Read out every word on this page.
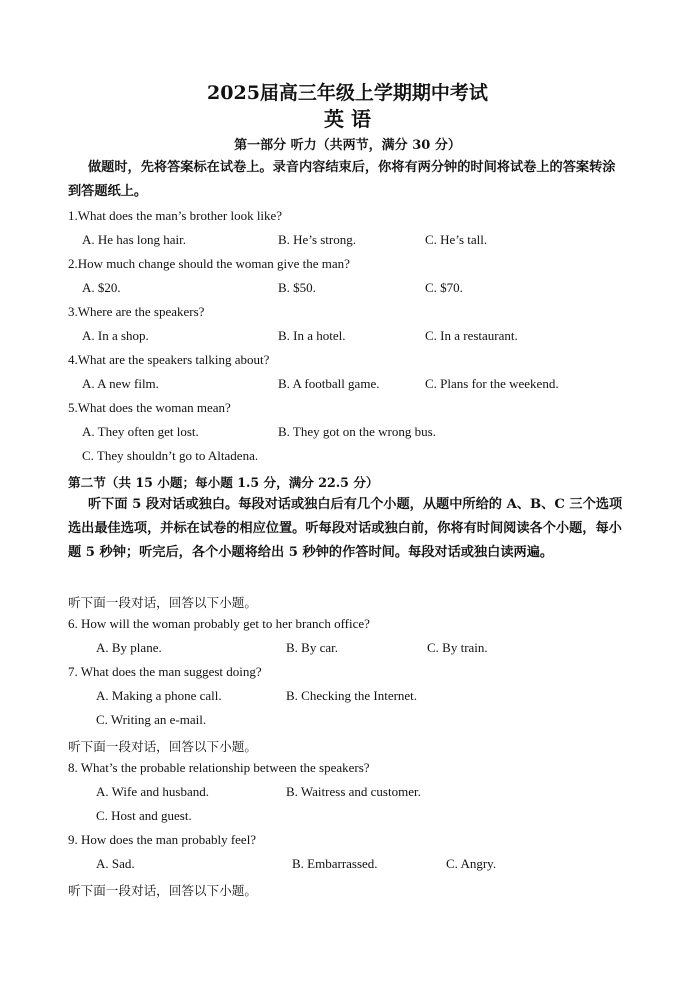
2025届高三年级上学期期中考试
英 语
第一部分 听力（共两节，满分 30 分）
做题时，先将答案标在试卷上。录音内容结束后，你将有两分钟的时间将试卷上的答案转涂到答题纸上。
1.What does the man’s brother look like?
A. He has long hair.	B. He’s strong.	C. He’s tall.
2.How much change should the woman give the man?
A. $20.	B. $50.	C. $70.
3.Where are the speakers?
A. In a shop.	B. In a hotel.	C. In a restaurant.
4.What are the speakers talking about?
A. A new film.	B. A football game.	C. Plans for the weekend.
5.What does the woman mean?
A. They often get lost.	B. They got on the wrong bus.
C. They shouldn’t go to Altadena.
第二节（共 15 小题；每小题 1.5 分，满分 22.5 分）
听下面 5 段对话或独白。每段对话或独白后有几个小题，从题中所给的 A、B、C 三个选项选出最佳选项，并标在试卷的相应位置。听每段对话或独白前，你将有时间阅读各个小题，每小题 5 秒钟；听完后，各个小题将给出 5 秒钟的作答时间。每段对话或独白读两遍。
听下面一段对话，回答以下小题。
6. How will the woman probably get to her branch office?
A. By plane.	B. By car.	C. By train.
7. What does the man suggest doing?
A. Making a phone call.	B. Checking the Internet.
C. Writing an e-mail.
听下面一段对话，回答以下小题。
8. What’s the probable relationship between the speakers?
A. Wife and husband.	B. Waitress and customer.
C. Host and guest.
9. How does the man probably feel?
A. Sad.	B. Embarrassed.	C. Angry.
听下面一段对话，回答以下小题。
